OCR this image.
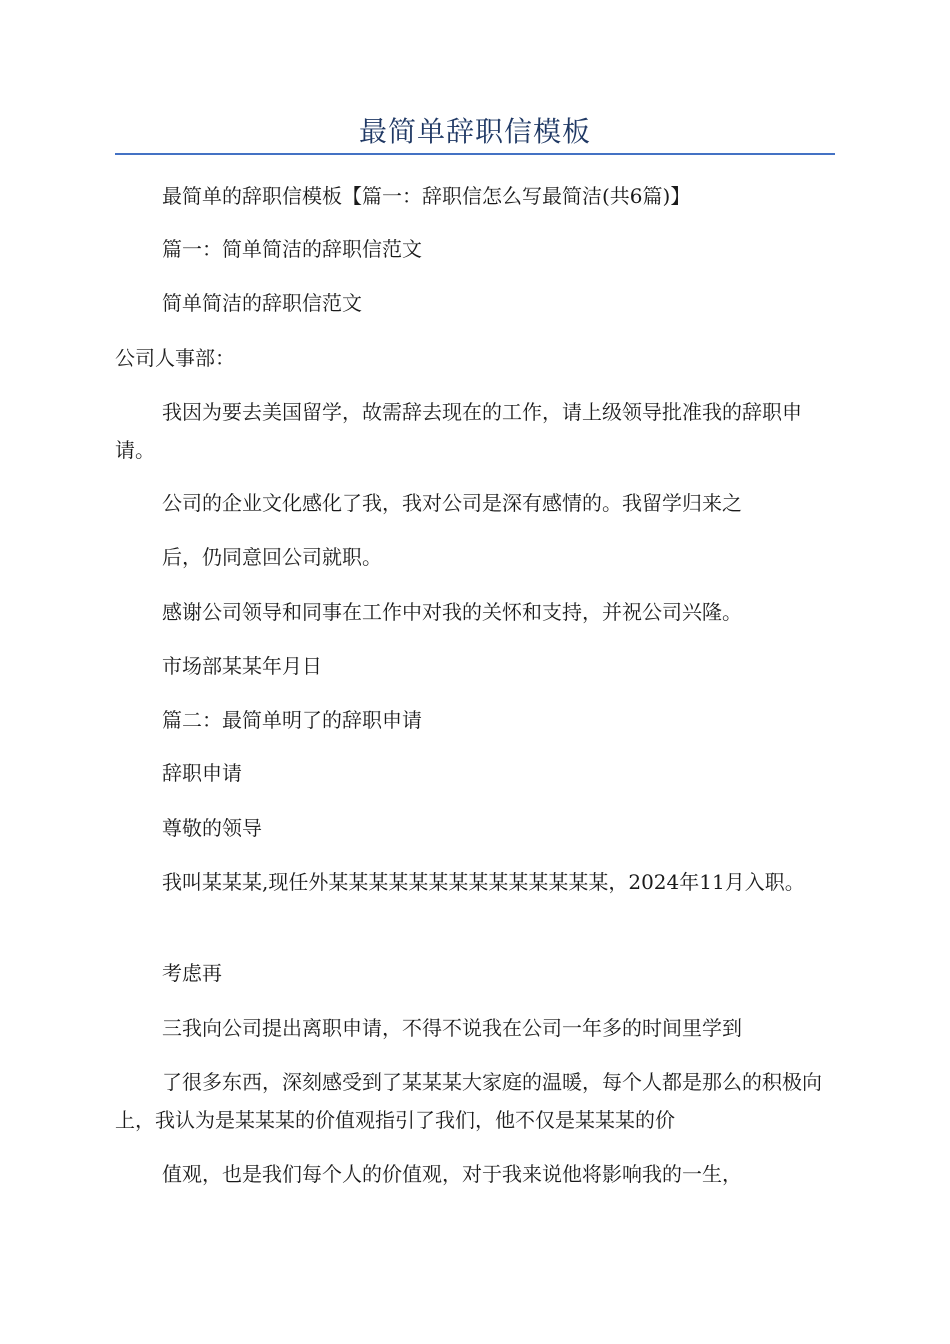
最简单辞职信模板

最简单的辞职信模板【篇一：辞职信怎么写最简洁(共6篇)】

篇一：简单简洁的辞职信范文

简单简洁的辞职信范文

公司人事部：

我因为要去美国留学，故需辞去现在的工作，请上级领导批准我的辞职申请。

公司的企业文化感化了我，我对公司是深有感情的。我留学归来之

后，仍同意回公司就职。

感谢公司领导和同事在工作中对我的关怀和支持，并祝公司兴隆。

市场部某某年月日

篇二：最简单明了的辞职申请

辞职申请

尊敬的领导

我叫某某某,现任外某某某某某某某某某某某某某某，2024年11月入职。

考虑再

三我向公司提出离职申请，不得不说我在公司一年多的时间里学到

了很多东西，深刻感受到了某某某大家庭的温暖，每个人都是那么的积极向上，我认为是某某某的价值观指引了我们，他不仅是某某某的价

值观，也是我们每个人的价值观，对于我来说他将影响我的一生，
